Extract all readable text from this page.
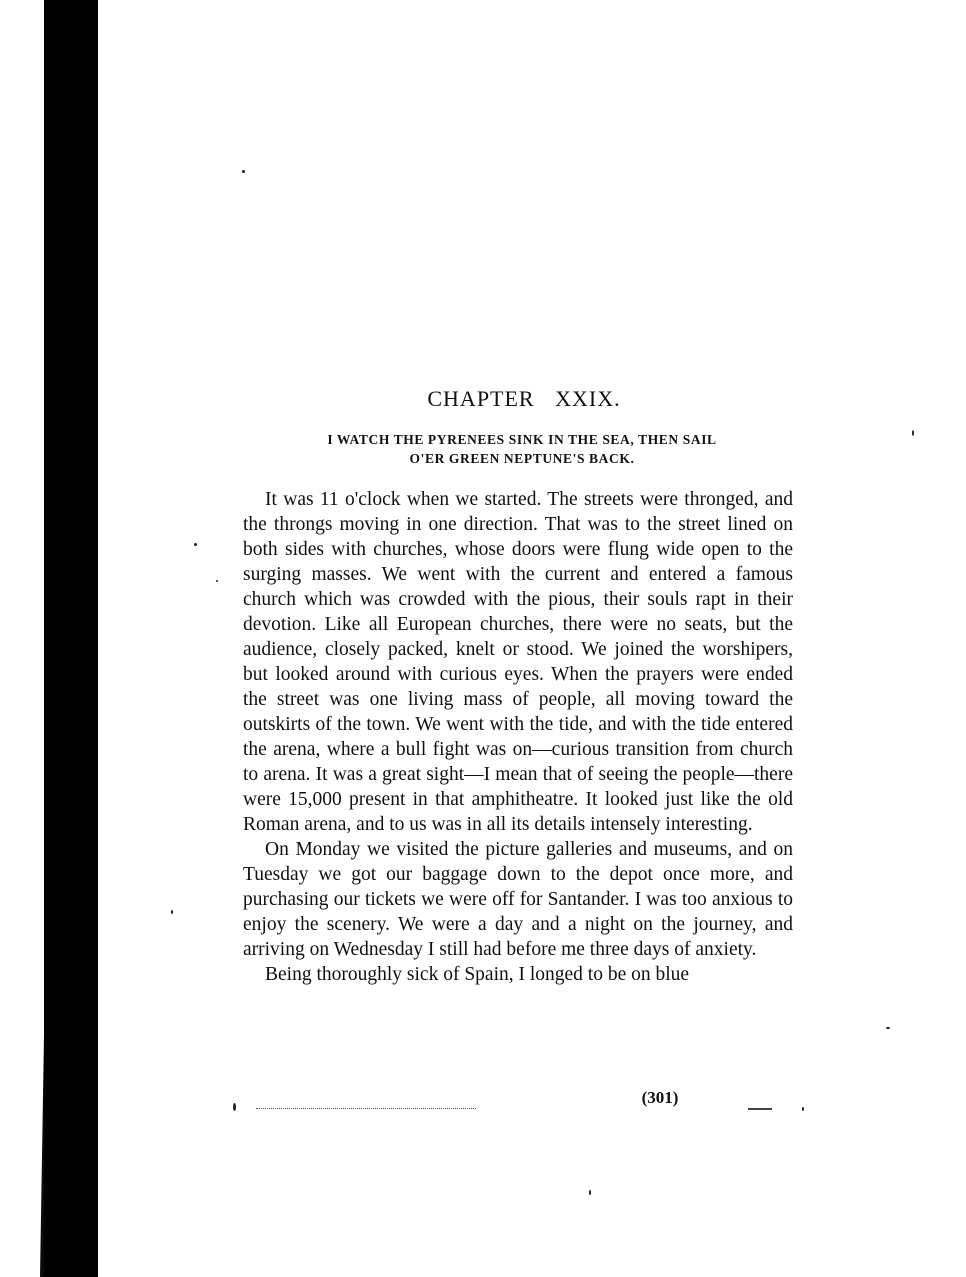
CHAPTER XXIX.
I WATCH THE PYRENEES SINK IN THE SEA, THEN SAIL
O'ER GREEN NEPTUNE'S BACK.

It was 11 o'clock when we started. The streets were thronged, and the throngs moving in one direction. That was to the street lined on both sides with churches, whose doors were flung wide open to the surging masses. We went with the current and entered a famous church which was crowded with the pious, their souls rapt in their devotion. Like all European churches, there were no seats, but the audience, closely packed, knelt or stood. We joined the worshipers, but looked around with curious eyes. When the prayers were ended the street was one living mass of people, all moving toward the outskirts of the town. We went with the tide, and with the tide entered the arena, where a bull fight was on—curious transition from church to arena. It was a great sight—I mean that of seeing the people—there were 15,000 present in that amphitheatre. It looked just like the old Roman arena, and to us was in all its details intensely interesting.

On Monday we visited the picture galleries and museums, and on Tuesday we got our baggage down to the depot once more, and purchasing our tickets we were off for Santander. I was too anxious to enjoy the scenery. We were a day and a night on the journey, and arriving on Wednesday I still had before me three days of anxiety.

Being thoroughly sick of Spain, I longed to be on blue

(301)
